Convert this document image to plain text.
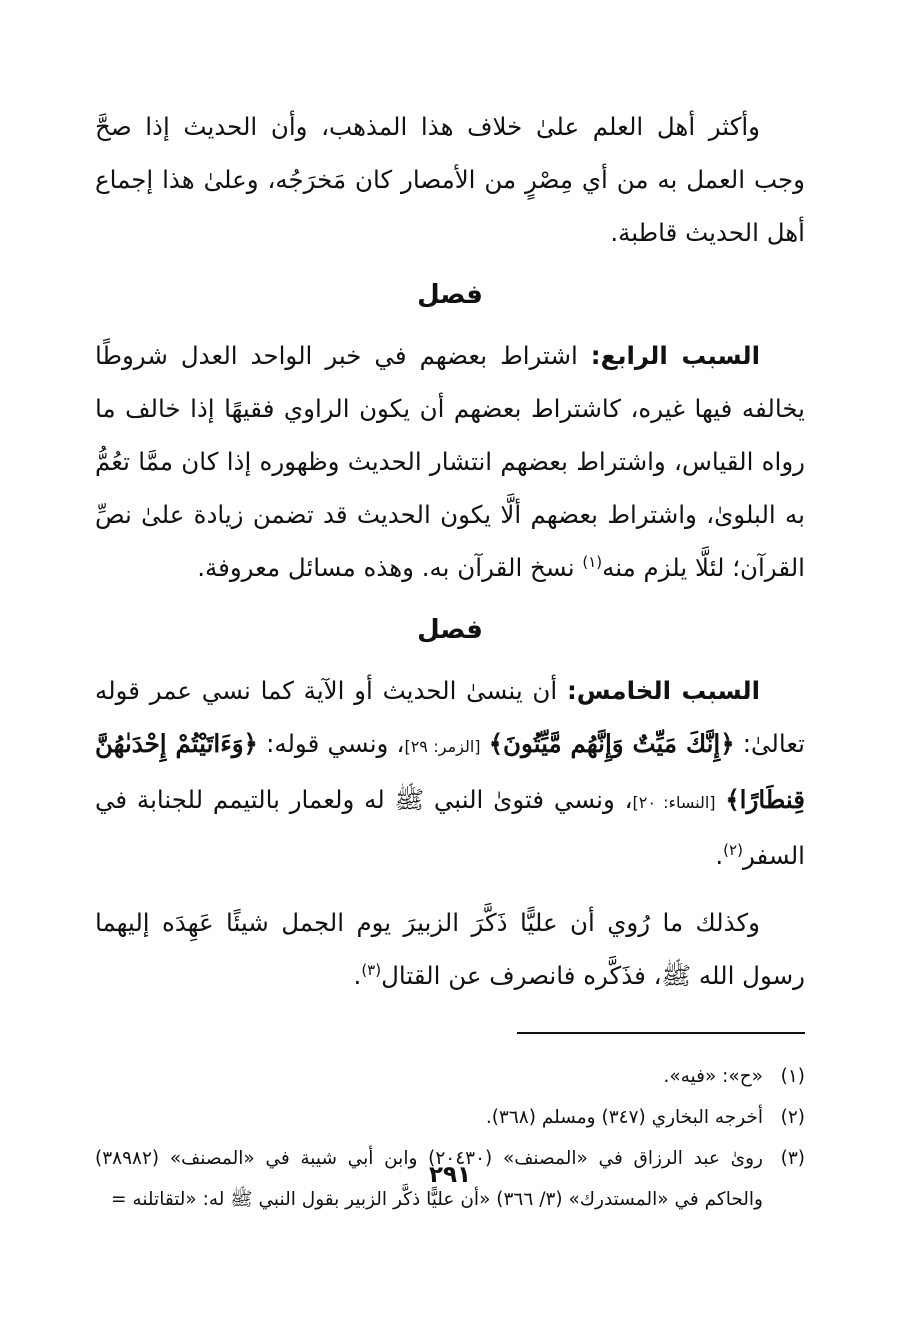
وأكثر أهل العلم علىٰ خلاف هذا المذهب، وأن الحديث إذا صحَّ وجب العمل به من أي مِصْرٍ من الأمصار كان مَخرَجُه، وعلىٰ هذا إجماع أهل الحديث قاطبة.

فصل

السبب الرابع: اشتراط بعضهم في خبر الواحد العدل شروطًا يخالفه فيها غيره، كاشتراط بعضهم أن يكون الراوي فقيهًا إذا خالف ما رواه القياس، واشتراط بعضهم انتشار الحديث وظهوره إذا كان ممَّا تعُمُّ به البلوىٰ، واشتراط بعضهم ألَّا يكون الحديث قد تضمن زيادة علىٰ نصِّ القرآن؛ لئلَّا يلزم منه$^{(١)}$ نسخ القرآن به. وهذه مسائل معروفة.

فصل

السبب الخامس: أن ينسىٰ الحديث أو الآية كما نسي عمر قوله تعالىٰ: ﴿إِنَّكَ مَيِّتٌ وَإِنَّهُم مَّيِّتُونَ﴾ [الزمر: ٢٩]، ونسي قوله: ﴿وَءَاتَيْتُمْ إِحْدَىٰهُنَّ قِنطَارًا﴾ [النساء: ٢٠]، ونسي فتوىٰ النبي ﷺ له ولعمار بالتيمم للجنابة في السفر$^{(٢)}$.

وكذلك ما رُوي أن عليًّا ذَكَّرَ الزبيرَ يوم الجمل شيئًا عَهِدَه إليهما رسول الله ﷺ، فذَكَّره فانصرف عن القتال$^{(٣)}$.

(١)
«ح»: «فيه».
(٢)
أخرجه البخاري (٣٤٧) ومسلم (٣٦٨).
(٣)
روىٰ عبد الرزاق في «المصنف» (٢٠٤٣٠) وابن أبي شيبة في «المصنف» (٣٨٩٨٢) والحاكم في «المستدرك» (٣/ ٣٦٦) «أن عليًّا ذكَّر الزبير بقول النبي ﷺ له: «لتقاتلنه =
٢٩١
